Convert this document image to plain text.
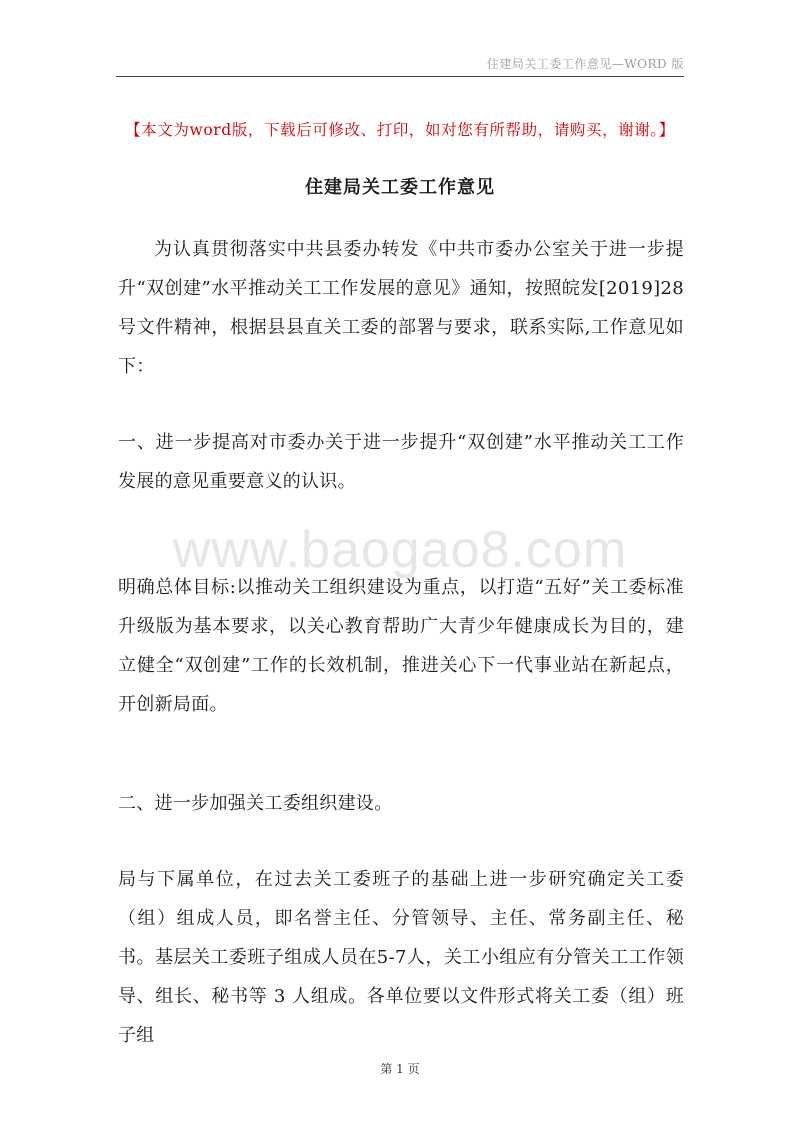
住建局关工委工作意见—WORD 版
【本文为word版，下载后可修改、打印，如对您有所帮助，请购买，谢谢。】
住建局关工委工作意见
为认真贯彻落实中共县委办转发《中共市委办公室关于进一步提升“双创建”水平推动关工工作发展的意见》通知，按照皖发[2019]28号文件精神，根据县县直关工委的部署与要求，联系实际,工作意见如下：
一、进一步提高对市委办关于进一步提升“双创建”水平推动关工工作发展的意见重要意义的认识。
明确总体目标:以推动关工组织建设为重点，以打造“五好”关工委标准升级版为基本要求，以关心教育帮助广大青少年健康成长为目的，建立健全“双创建”工作的长效机制，推进关心下一代事业站在新起点，开创新局面。
二、进一步加强关工委组织建设。
局与下属单位，在过去关工委班子的基础上进一步研究确定关工委（组）组成人员，即名誉主任、分管领导、主任、常务副主任、秘书。基层关工委班子组成人员在5-7人，关工小组应有分管关工工作领导、组长、秘书等 3 人组成。各单位要以文件形式将关工委（组）班子组
www.baogao8.com
第 1 页
